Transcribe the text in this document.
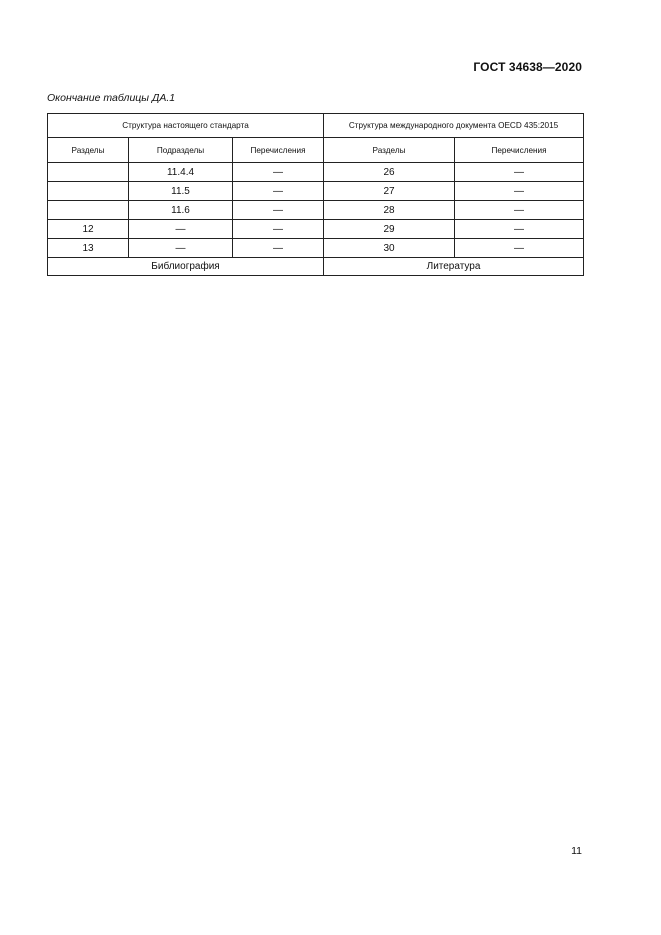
ГОСТ 34638—2020
Окончание таблицы ДА.1
Структура настоящего стандарта			Структура международного документа OECD 435:2015	
Разделы	Подразделы	Перечисления	Разделы	Перечисления
	11.4.4	—	26	—
	11.5	—	27	—
	11.6	—	28	—
12	—	—	29	—
13	—	—	30	—
Библиография			Литература	
11
